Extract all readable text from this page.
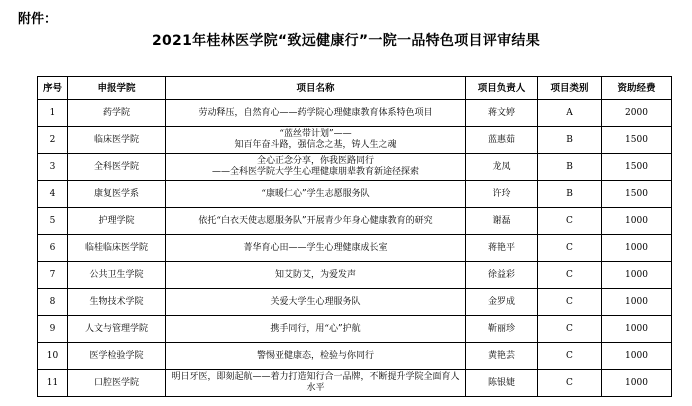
附件：
2021年桂林医学院“致远健康行”一院一品特色项目评审结果
序号	申报学院	项目名称	项目负责人	项目类别	资助经费
1	药学院	劳动释压，自然育心——药学院心理健康教育体系特色项目	蒋文婷	A	2000
2	临床医学院	“蓝丝带计划”——
知百年奋斗路，强信念之基，铸人生之魂	蓝惠茹	B	1500
3	全科医学院	全心正念分享，你我医路同行
——全科医学院大学生心理健康朋辈教育新途径探索	龙凤	B	1500
4	康复医学系	“康暖仁心”学生志愿服务队	许玲	B	1500
5	护理学院	依托“白衣天使志愿服务队”开展青少年身心健康教育的研究	谢磊	C	1000
6	临桂临床医学院	菁华育心田——学生心理健康成长室	蒋艳平	C	1000
7	公共卫生学院	知艾防艾，为爱发声	徐益彩	C	1000
8	生物技术学院	关爱大学生心理服务队	金罗成	C	1000
9	人文与管理学院	携手同行，用“心”护航	靳丽珍	C	1000
10	医学检验学院	警惕亚健康态，检验与你同行	黄艳芸	C	1000
11	口腔医学院	明日牙医，即刻起航——着力打造知行合一品牌，不断提升学院全面育人
水平	陈银婕	C	1000
